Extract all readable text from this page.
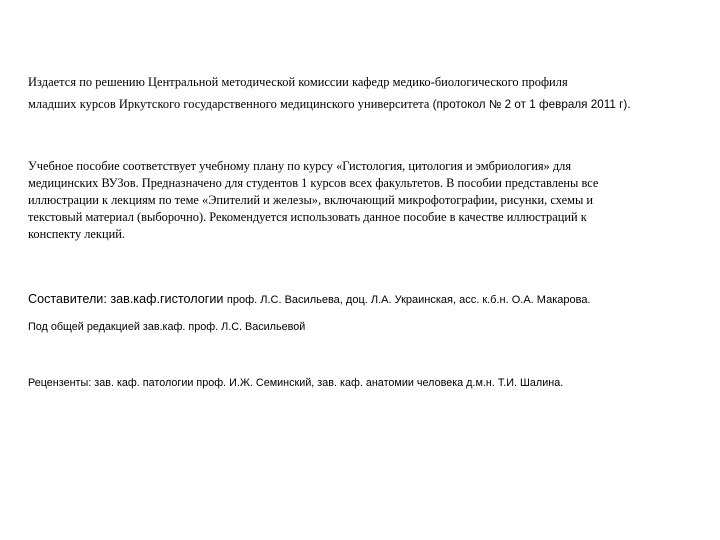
Издается по решению Центральной методической комиссии кафедр медико-биологического профиля
младших курсов Иркутского государственного медицинского университета (протокол № 2 от 1 февраля 2011 г).
Учебное пособие соответствует учебному плану по курсу «Гистология, цитология и эмбриология» для
медицинских ВУЗов. Предназначено для студентов 1 курсов всех факультетов. В пособии представлены все
иллюстрации к лекциям по теме «Эпителий и железы», включающий микрофотографии, рисунки, схемы и
текстовый материал (выборочно). Рекомендуется использовать данное пособие в качестве иллюстраций к
конспекту лекций.
Составители: зав.каф.гистологии проф. Л.С. Васильева, доц. Л.А. Украинская, асс. к.б.н. О.А. Макарова.
Под общей редакцией зав.каф. проф. Л.С. Васильевой
Рецензенты: зав. каф. патологии проф. И.Ж. Семинский, зав. каф. анатомии человека д.м.н. Т.И. Шалина.
